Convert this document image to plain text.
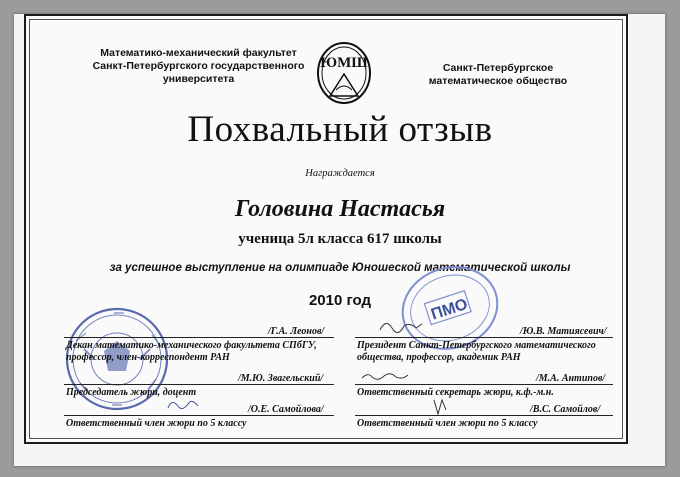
Математико-механический факультет
Санкт-Петербургского государственного
университета
ЮМШ	Санкт-Петербургское
математическое общество
Похвальный отзыв
Награждается
Головина Настасья
ученица 5л класса 617 школы
за успешное выступление на олимпиаде Юношеской математической школы
2010 год	ПМО
/Г.А. Леонов/
Декан математико-механического факультета СПбГУ,
профессор, член-корреспондент РАН
/М.Ю. Звагельский/
Председатель жюри, доцент
/О.Е. Самойлова/
Ответственный член жюри по 5 классу
/Ю.В. Матиясевич/
Президент Санкт-Петербургского математического
общества, профессор, академик РАН
/М.А. Антипов/
Ответственный секретарь жюри, к.ф.-м.н.
/В.С. Самойлов/
Ответственный член жюри по 5 классу
